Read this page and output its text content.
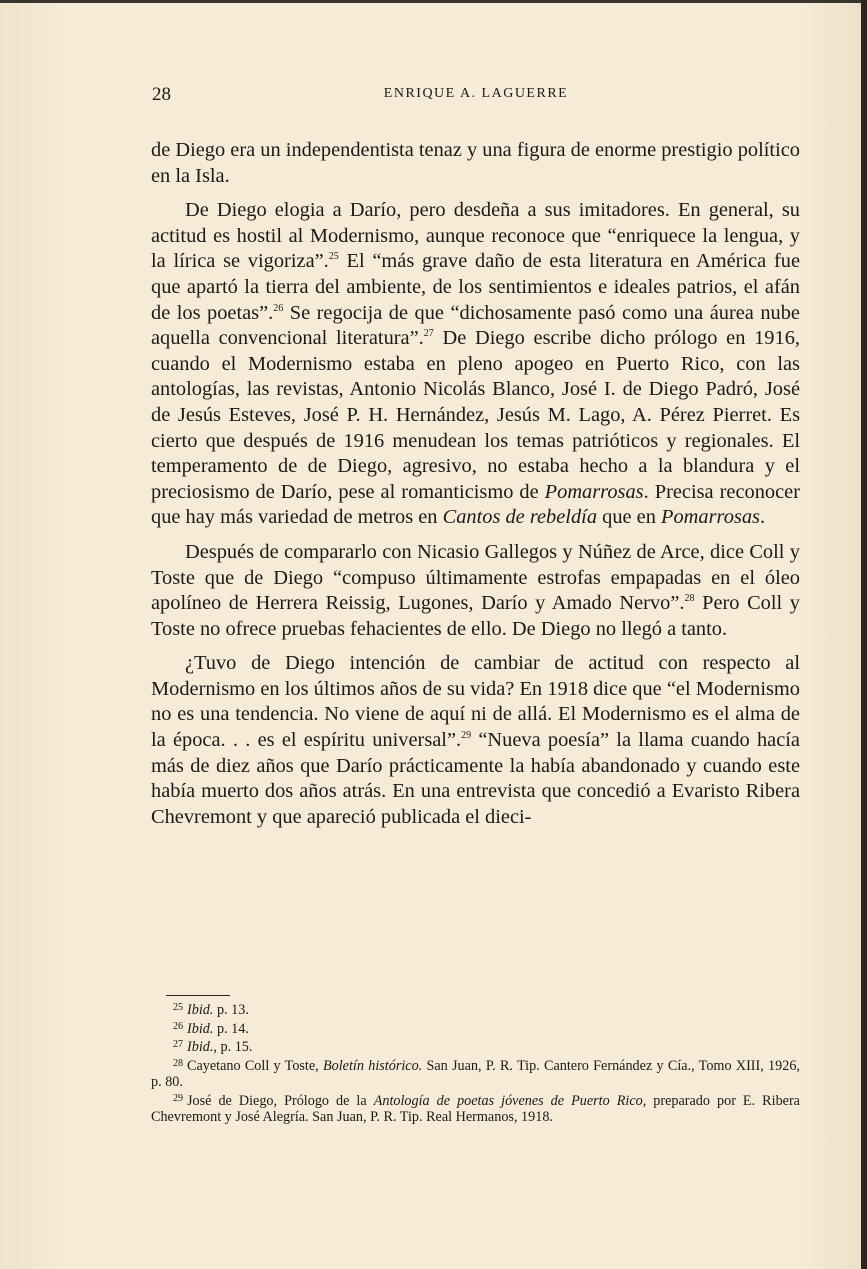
28	ENRIQUE A. LAGUERRE

de Diego era un independentista tenaz y una figura de enorme prestigio político en la Isla.

De Diego elogia a Darío, pero desdeña a sus imitadores. En general, su actitud es hostil al Modernismo, aunque reconoce que “enriquece la lengua, y la lírica se vigoriza”.$^{25}$ El “más grave daño de esta literatura en América fue que apartó la tierra del ambiente, de los sentimientos e ideales patrios, el afán de los poetas”.$^{26}$ Se regocija de que “dichosamente pasó como una áurea nube aquella convencional literatura”.$^{27}$ De Diego escribe dicho prólogo en 1916, cuando el Modernismo estaba en pleno apogeo en Puerto Rico, con las antologías, las revistas, Antonio Nicolás Blanco, José I. de Diego Padró, José de Jesús Esteves, José P. H. Hernández, Jesús M. Lago, A. Pérez Pierret. Es cierto que después de 1916 menudean los temas patrióticos y regionales. El temperamento de de Diego, agresivo, no estaba hecho a la blandura y el preciosismo de Darío, pese al romanticismo de Pomarrosas. Precisa reconocer que hay más variedad de metros en Cantos de rebeldía que en Pomarrosas.

Después de compararlo con Nicasio Gallegos y Núñez de Arce, dice Coll y Toste que de Diego “compuso últimamente estrofas empapadas en el óleo apolíneo de Herrera Reissig, Lugones, Darío y Amado Nervo”.$^{28}$ Pero Coll y Toste no ofrece pruebas fehacientes de ello. De Diego no llegó a tanto.

¿Tuvo de Diego intención de cambiar de actitud con respecto al Modernismo en los últimos años de su vida? En 1918 dice que “el Modernismo no es una tendencia. No viene de aquí ni de allá. El Modernismo es el alma de la época. . . es el espíritu universal”.$^{29}$ “Nueva poesía” la llama cuando hacía más de diez años que Darío prácticamente la había abandonado y cuando este había muerto dos años atrás. En una entrevista que concedió a Evaristo Ribera Chevremont y que apareció publicada el dieci-

$^{25}$ Ibid. p. 13.

$^{26}$ Ibid. p. 14.

$^{27}$ Ibid., p. 15.

$^{28}$ Cayetano Coll y Toste, Boletín histórico. San Juan, P. R. Tip. Cantero Fernández y Cía., Tomo XIII, 1926, p. 80.

$^{29}$ José de Diego, Prólogo de la Antología de poetas jóvenes de Puerto Rico, preparado por E. Ribera Chevremont y José Alegría. San Juan, P. R. Tip. Real Hermanos, 1918.
